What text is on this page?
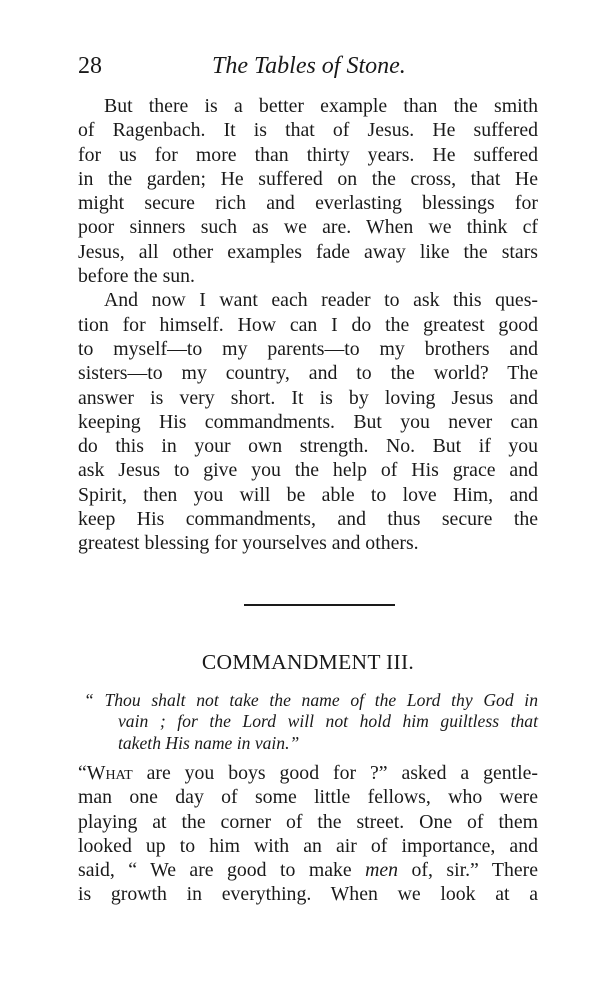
28	The Tables of Stone.

But there is a better example than the smith
of Ragenbach. It is that of Jesus. He suffered
for us for more than thirty years. He suffered
in the garden; He suffered on the cross, that He
might secure rich and everlasting blessings for
poor sinners such as we are. When we think cf
Jesus, all other examples fade away like the stars
before the sun.

And now I want each reader to ask this ques-
tion for himself. How can I do the greatest good
to myself—to my parents—to my brothers and
sisters—to my country, and to the world? The
answer is very short. It is by loving Jesus and
keeping His commandments. But you never can
do this in your own strength. No. But if you
ask Jesus to give you the help of His grace and
Spirit, then you will be able to love Him, and
keep His commandments, and thus secure the
greatest blessing for yourselves and others.

COMMANDMENT III.
“ Thou shalt not take the name of the Lord thy God in
vain ; for the Lord will not hold him guiltless that
taketh His name in vain.”

“What are you boys good for ?” asked a gentle-
man one day of some little fellows, who were
playing at the corner of the street. One of them
looked up to him with an air of importance, and
said, “ We are good to make men of, sir.” There
is growth in everything. When we look at a
